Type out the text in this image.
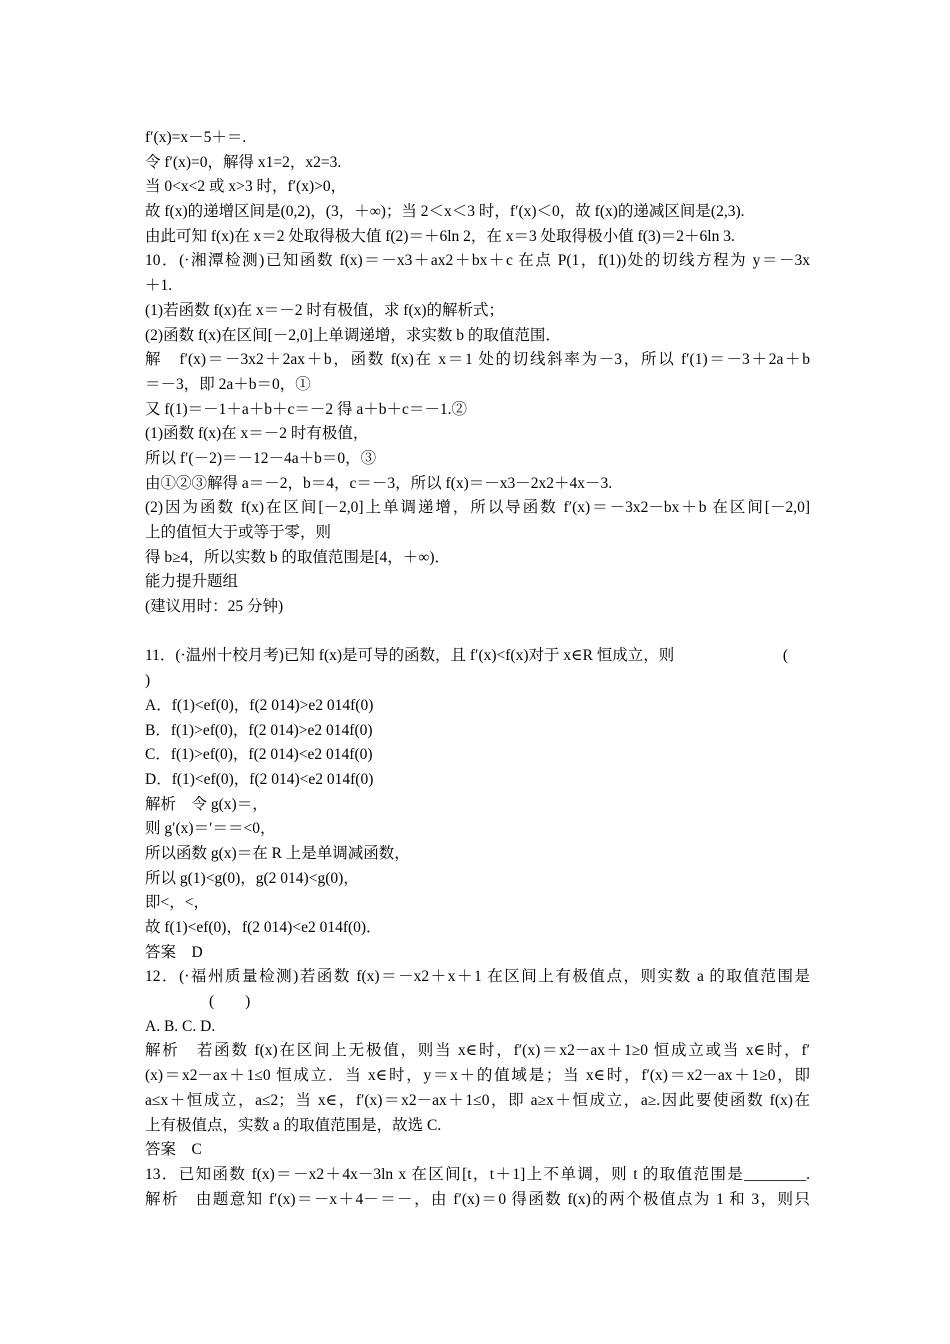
f′(x)=x－5＋＝.
令 f′(x)=0，解得 x1=2，x2=3.
当 0<x<2 或 x>3 时，f′(x)>0，
故 f(x)的递增区间是(0,2)，(3，＋∞)；当 2＜x＜3 时，f′(x)＜0，故 f(x)的递减区间是(2,3).
由此可知 f(x)在 x＝2 处取得极大值 f(2)＝＋6ln 2，在 x＝3 处取得极小值 f(3)＝2＋6ln 3.
10．(·湘潭检测)已知函数 f(x)＝－x3＋ax2＋bx＋c 在点 P(1，f(1))处的切线方程为 y＝－3x
＋1.
(1)若函数 f(x)在 x＝－2 时有极值，求 f(x)的解析式；
(2)函数 f(x)在区间[－2,0]上单调递增，求实数 b 的取值范围．
解　f′(x)＝－3x2＋2ax＋b，函数 f(x)在 x＝1 处的切线斜率为－3，所以 f′(1)＝－3＋2a＋b
＝－3，即 2a＋b＝0，①
又 f(1)＝－1＋a＋b＋c＝－2 得 a＋b＋c＝－1.②
(1)函数 f(x)在 x＝－2 时有极值，
所以 f′(－2)＝－12－4a＋b＝0，③
由①②③解得 a＝－2，b＝4，c＝－3，所以 f(x)＝－x3－2x2＋4x－3.
(2)因为函数 f(x)在区间[－2,0]上单调递增，所以导函数 f′(x)＝－3x2－bx＋b 在区间[－2,0]
上的值恒大于或等于零，则
得 b≥4，所以实数 b 的取值范围是[4，＋∞)．
能力提升题组
(建议用时：25 分钟)
11．(·温州十校月考)已知 f(x)是可导的函数，且 f′(x)<f(x)对于 x∈R 恒成立，则	(
)
A．f(1)<ef(0)，f(2 014)>e2 014f(0)
B．f(1)>ef(0)，f(2 014)>e2 014f(0)
C．f(1)>ef(0)，f(2 014)<e2 014f(0)
D．f(1)<ef(0)，f(2 014)<e2 014f(0)
解析　令 g(x)＝，
则 g′(x)＝′＝＝<0，
所以函数 g(x)＝在 R 上是单调减函数，
所以 g(1)<g(0)，g(2 014)<g(0)，
即<，<，
故 f(1)<ef(0)，f(2 014)<e2 014f(0)．
答案　D
12．(·福州质量检测)若函数 f(x)＝－x2＋x＋1 在区间上有极值点，则实数 a 的取值范围是
(　　)
A. B. C. D.
解析　若函数 f(x)在区间上无极值，则当 x∈时，f′(x)＝x2－ax＋1≥0 恒成立或当 x∈时，f′
(x)＝x2－ax＋1≤0 恒成立．当 x∈时，y＝x＋的值域是；当 x∈时，f′(x)＝x2－ax＋1≥0，即
a≤x＋恒成立，a≤2；当 x∈，f′(x)＝x2－ax＋1≤0，即 a≥x＋恒成立，a≥.因此要使函数 f(x)在
上有极值点，实数 a 的取值范围是，故选 C.
答案　C
13．已知函数 f(x)＝－x2＋4x－3ln x 在区间[t，t＋1]上不单调，则 t 的取值范围是________.
解析　由题意知 f′(x)＝－x＋4－＝－，由 f′(x)＝0 得函数 f(x)的两个极值点为 1 和 3，则只
